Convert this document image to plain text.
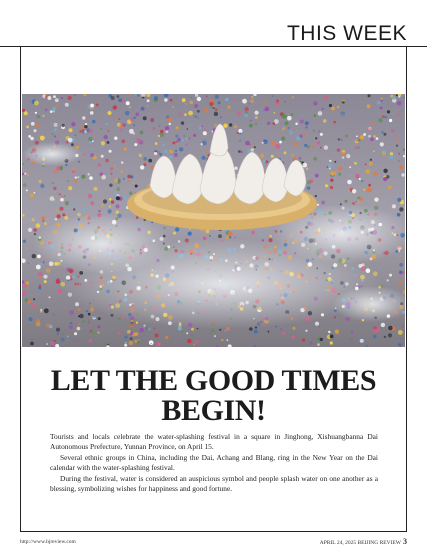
THIS WEEK
LET THE GOOD TIMES
BEGIN!

Tourists and locals celebrate the water-splashing festival in a square in Jinghong, Xishuangbanna Dai Autonomous Prefecture, Yunnan Province, on April 15.

Several ethnic groups in China, including the Dai, Achang and Blang, ring in the New Year on the Dai calendar with the water-splashing festival.

During the festival, water is considered an auspicious symbol and people splash water on one another as a blessing, symbolizing wishes for happiness and good fortune.

http://www.bjreview.com	APRIL 24, 2025 BEIJING REVIEW 3
